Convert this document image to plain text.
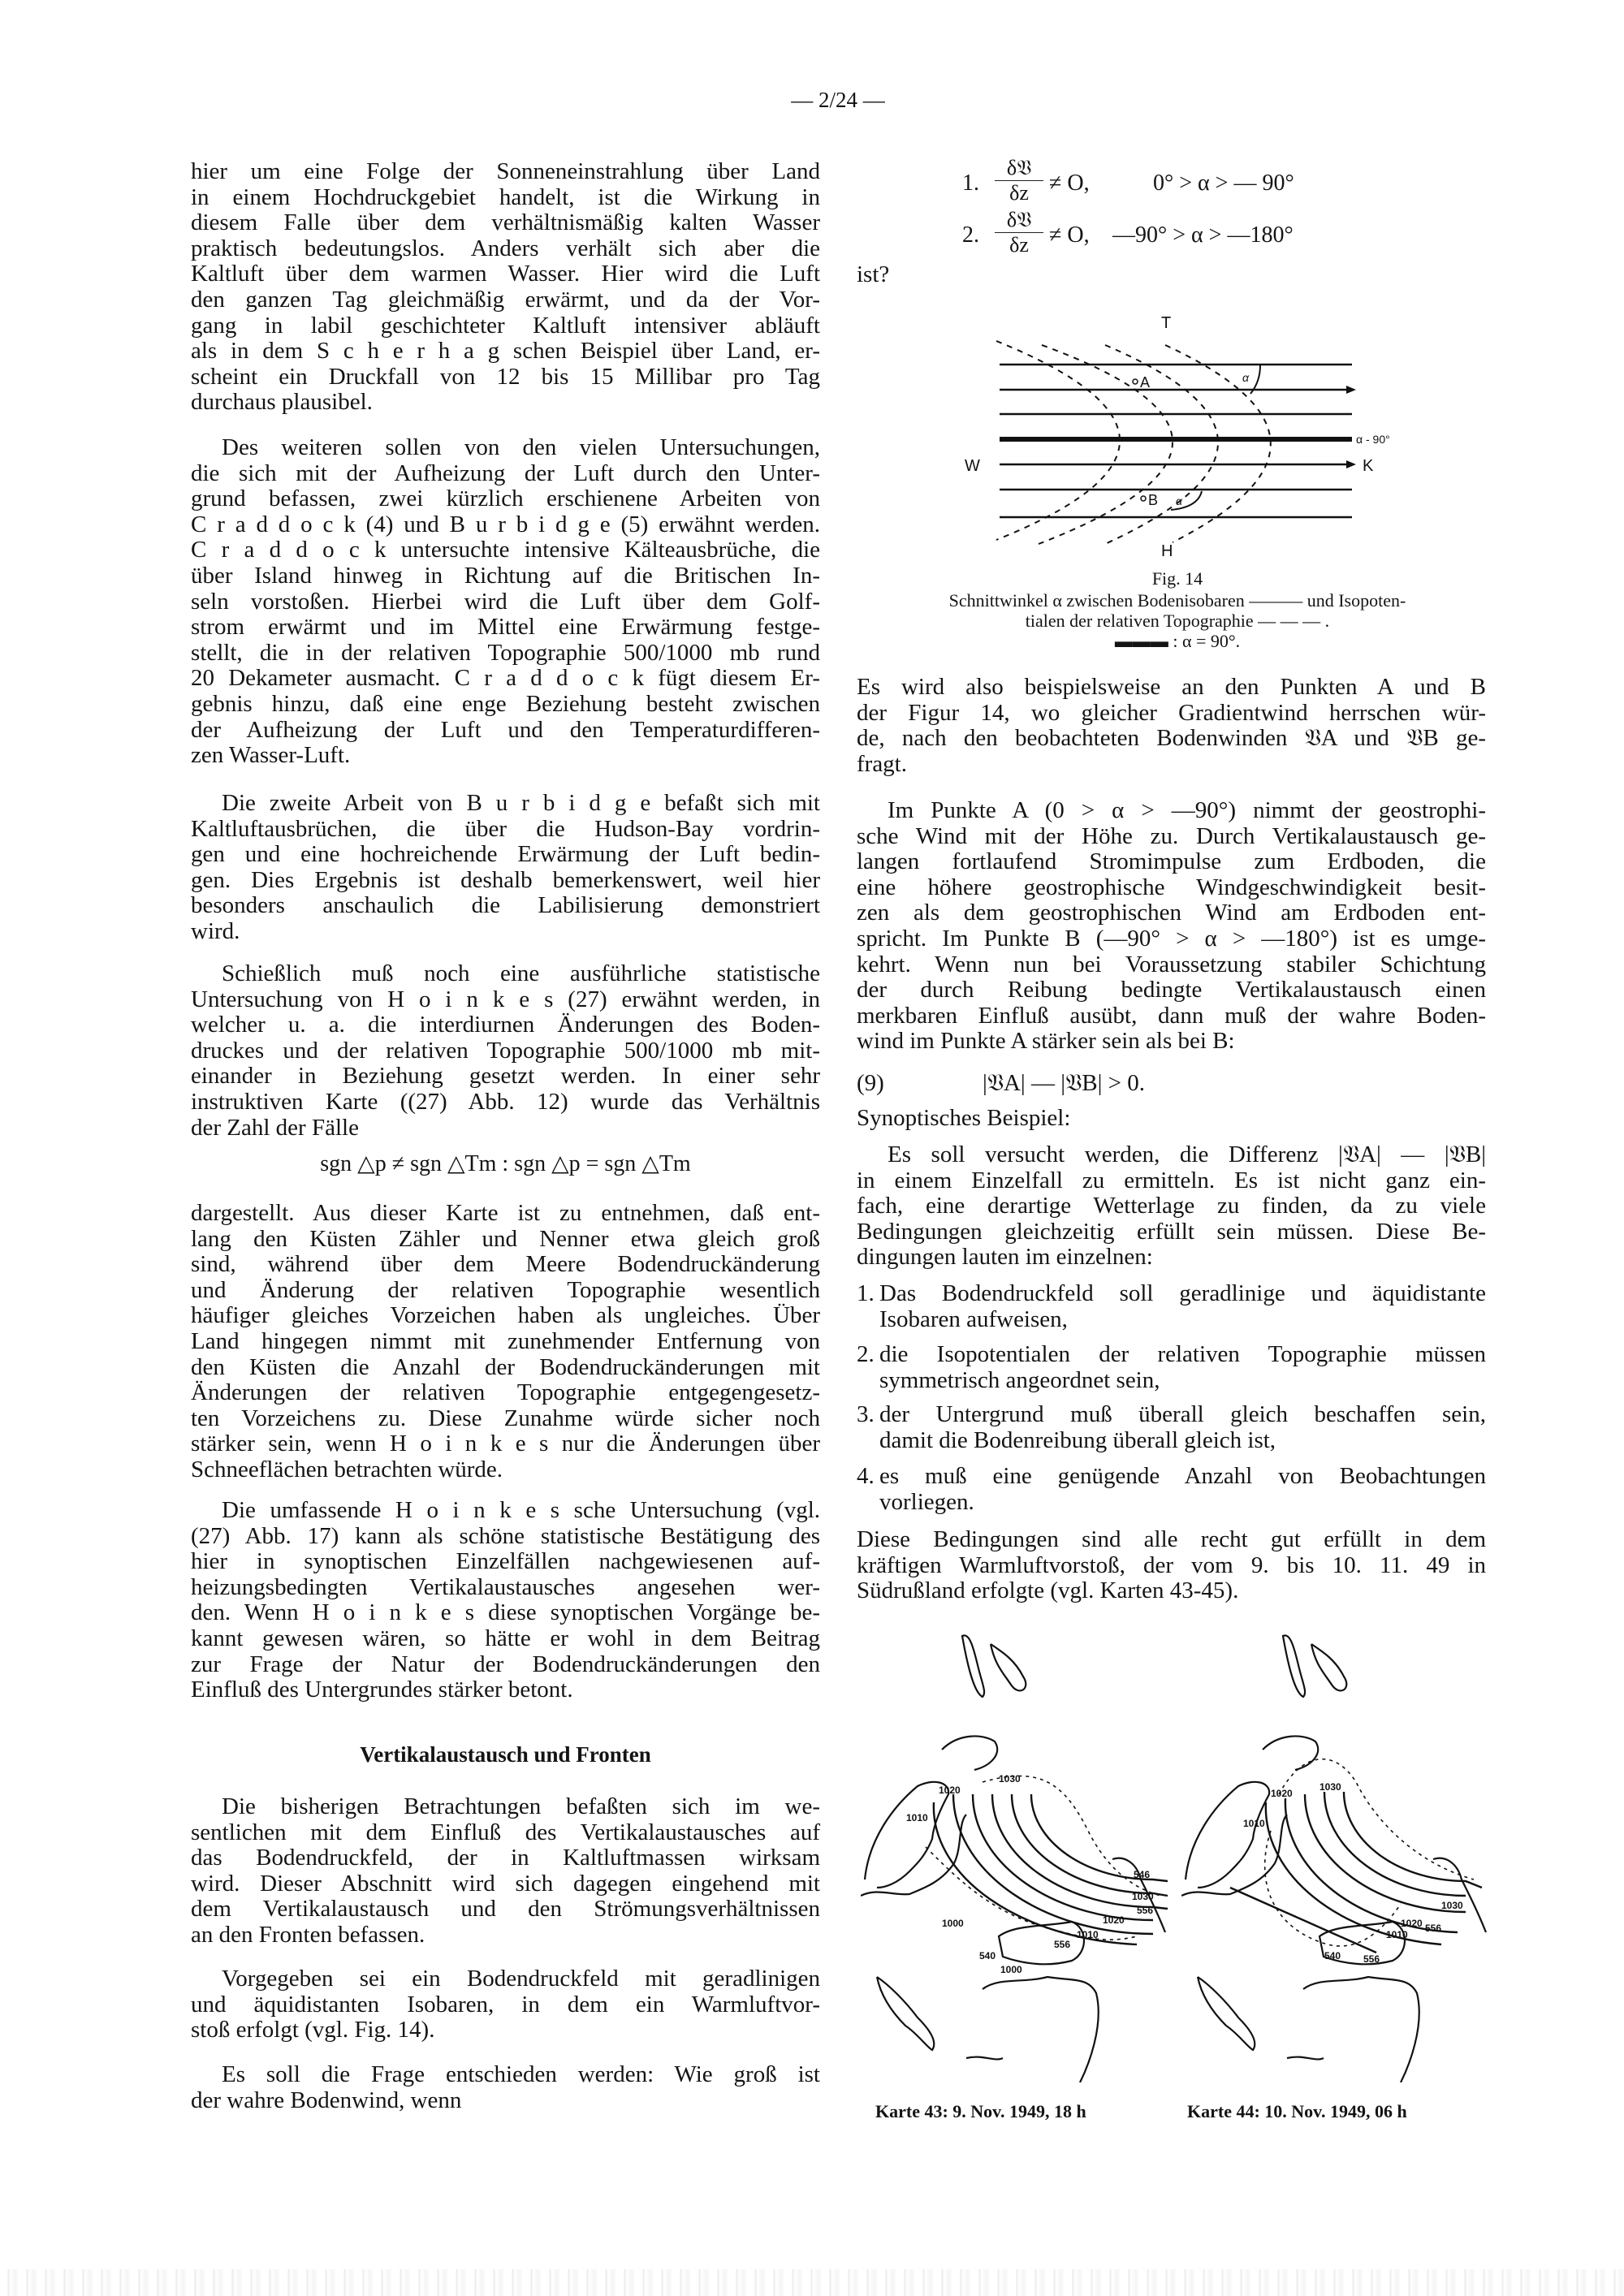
— 2/24 —
hier um eine Folge der Sonneneinstrahlung über Land
in einem Hochdruckgebiet handelt, ist die Wirkung in
diesem Falle über dem verhältnismäßig kalten Wasser
praktisch bedeutungslos. Anders verhält sich aber die
Kaltluft über dem warmen Wasser. Hier wird die Luft
den ganzen Tag gleichmäßig erwärmt, und da der Vor-
gang in labil geschichteter Kaltluft intensiver abläuft
als in dem S c h e r h a g schen Beispiel über Land, er-
scheint ein Druckfall von 12 bis 15 Millibar pro Tag
durchaus plausibel.
Des weiteren sollen von den vielen Untersuchungen,
die sich mit der Aufheizung der Luft durch den Unter-
grund befassen, zwei kürzlich erschienene Arbeiten von
C r a d d o c k (4) und B u r b i d g e (5) erwähnt werden.
C r a d d o c k untersuchte intensive Kälteausbrüche, die
über Island hinweg in Richtung auf die Britischen In-
seln vorstoßen. Hierbei wird die Luft über dem Golf-
strom erwärmt und im Mittel eine Erwärmung festge-
stellt, die in der relativen Topographie 500/1000 mb rund
20 Dekameter ausmacht. C r a d d o c k fügt diesem Er-
gebnis hinzu, daß eine enge Beziehung besteht zwischen
der Aufheizung der Luft und den Temperaturdifferen-
zen Wasser-Luft.
Die zweite Arbeit von B u r b i d g e befaßt sich mit
Kaltluftausbrüchen, die über die Hudson-Bay vordrin-
gen und eine hochreichende Erwärmung der Luft bedin-
gen. Dies Ergebnis ist deshalb bemerkenswert, weil hier
besonders anschaulich die Labilisierung demonstriert
wird.
Schießlich muß noch eine ausführliche statistische
Untersuchung von H o i n k e s (27) erwähnt werden, in
welcher u. a. die interdiurnen Änderungen des Boden-
druckes und der relativen Topographie 500/1000 mb mit-
einander in Beziehung gesetzt werden. In einer sehr
instruktiven Karte ((27) Abb. 12) wurde das Verhältnis
der Zahl der Fälle
sgn △p ≠ sgn △Tm : sgn △p = sgn △Tm
dargestellt. Aus dieser Karte ist zu entnehmen, daß ent-
lang den Küsten Zähler und Nenner etwa gleich groß
sind, während über dem Meere Bodendruckänderung
und Änderung der relativen Topographie wesentlich
häufiger gleiches Vorzeichen haben als ungleiches. Über
Land hingegen nimmt mit zunehmender Entfernung von
den Küsten die Anzahl der Bodendruckänderungen mit
Änderungen der relativen Topographie entgegengesetz-
ten Vorzeichens zu. Diese Zunahme würde sicher noch
stärker sein, wenn H o i n k e s nur die Änderungen über
Schneeflächen betrachten würde.
Die umfassende H o i n k e s sche Untersuchung (vgl.
(27) Abb. 17) kann als schöne statistische Bestätigung des
hier in synoptischen Einzelfällen nachgewiesenen auf-
heizungsbedingten Vertikalaustausches angesehen wer-
den. Wenn H o i n k e s diese synoptischen Vorgänge be-
kannt gewesen wären, so hätte er wohl in dem Beitrag
zur Frage der Natur der Bodendruckänderungen den
Einfluß des Untergrundes stärker betont.
Vertikalaustausch und Fronten
Die bisherigen Betrachtungen befaßten sich im we-
sentlichen mit dem Einfluß des Vertikalaustausches auf
das Bodendruckfeld, der in Kaltluftmassen wirksam
wird. Dieser Abschnitt wird sich dagegen eingehend mit
dem Vertikalaustausch und den Strömungsverhältnissen
an den Fronten befassen.
Vorgegeben sei ein Bodendruckfeld mit geradlinigen
und äquidistanten Isobaren, in dem ein Warmluftvor-
stoß erfolgt (vgl. Fig. 14).
Es soll die Frage entschieden werden: Wie groß ist
der wahre Bodenwind, wenn
1.
δ𝔙
δz ≠ O,	0° > α > — 90°
2.
δ𝔙
δz ≠ O, —90° > α > —180°
ist?
T
H
W	K
α - 90°
A
B
α
α
Fig. 14
Schnittwinkel α zwischen Bodenisobaren ——— und Isopoten-
tialen der relativen Topographie — — — .
▬▬▬ : α = 90°.
Es wird also beispielsweise an den Punkten A und B
der Figur 14, wo gleicher Gradientwind herrschen wür-
de, nach den beobachteten Bodenwinden 𝔙A und 𝔙B ge-
fragt.
Im Punkte A (0 > α > —90°) nimmt der geostrophi-
sche Wind mit der Höhe zu. Durch Vertikalaustausch ge-
langen fortlaufend Stromimpulse zum Erdboden, die
eine höhere geostrophische Windgeschwindigkeit besit-
zen als dem geostrophischen Wind am Erdboden ent-
spricht. Im Punkte B (—90° > α > —180°) ist es umge-
kehrt. Wenn nun bei Voraussetzung stabiler Schichtung
der durch Reibung bedingte Vertikalaustausch einen
merkbaren Einfluß ausübt, dann muß der wahre Boden-
wind im Punkte A stärker sein als bei B:
(9)	|𝔙A| — |𝔙B| > 0.
Synoptisches Beispiel:
Es soll versucht werden, die Differenz |𝔙A| — |𝔙B|
in einem Einzelfall zu ermitteln. Es ist nicht ganz ein-
fach, eine derartige Wetterlage zu finden, da zu viele
Bedingungen gleichzeitig erfüllt sein müssen. Diese Be-
dingungen lauten im einzelnen:
1. Das Bodendruckfeld soll geradlinige und äquidistante
Isobaren aufweisen,
2. die Isopotentialen der relativen Topographie müssen
symmetrisch angeordnet sein,
3. der Untergrund muß überall gleich beschaffen sein,
damit die Bodenreibung überall gleich ist,
4. es muß eine genügende Anzahl von Beobachtungen
vorliegen.
Diese Bedingungen sind alle recht gut erfüllt in dem
kräftigen Warmluftvorstoß, der vom 9. bis 10. 11. 49 in
Südrußland erfolgte (vgl. Karten 43-45).
1030
1020
1010
546
1030
556
1020
1010
556
1000
540
1000
1030
1020
1010
1030
1020 556
1010
540 556
Karte 43: 9. Nov. 1949, 18 h	Karte 44: 10. Nov. 1949, 06 h
